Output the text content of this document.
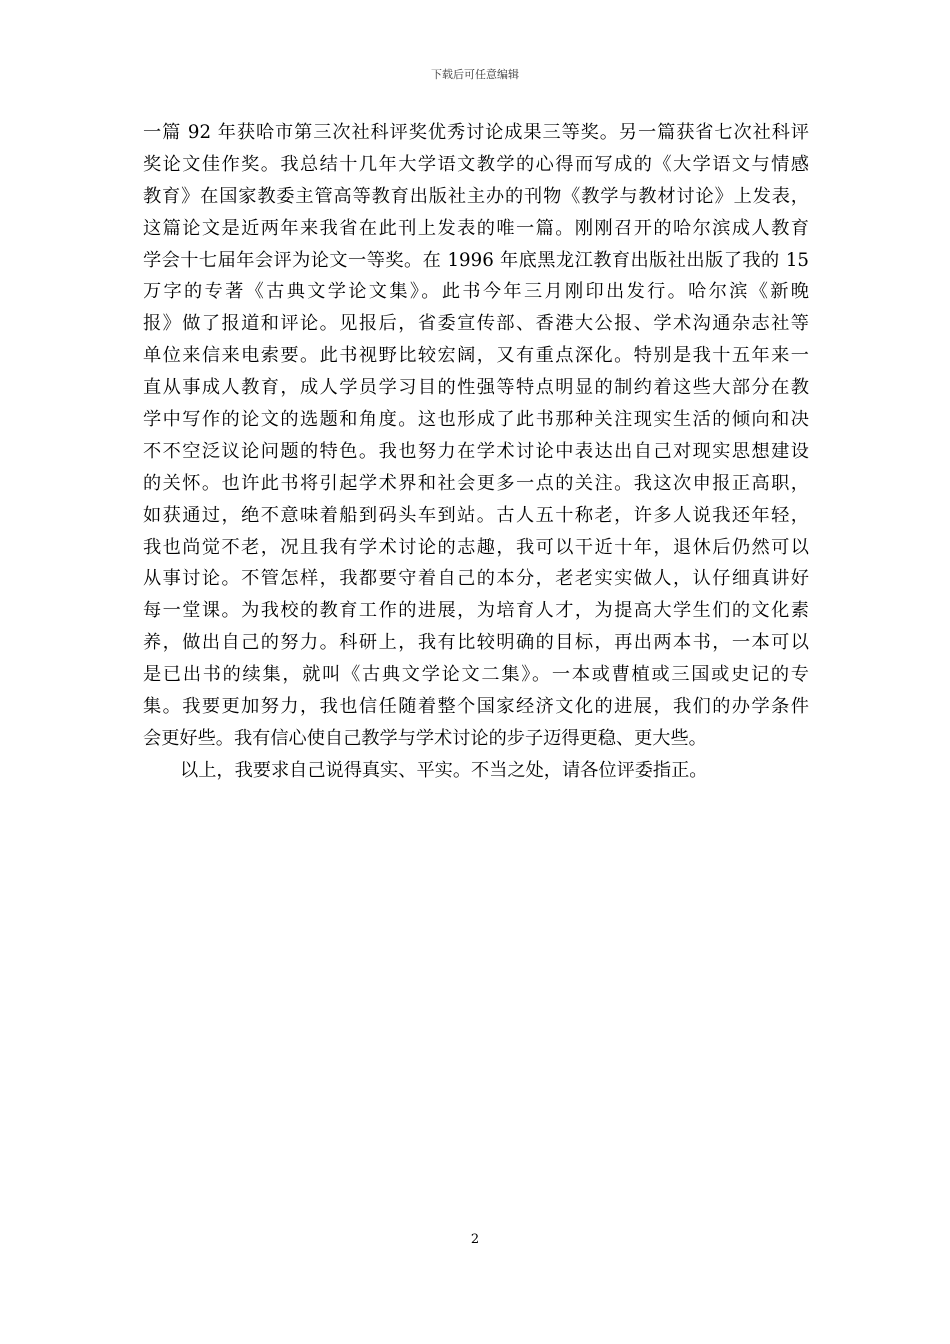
下载后可任意编辑
一篇 92 年获哈市第三次社科评奖优秀讨论成果三等奖。另一篇获省七次社科评
奖论文佳作奖。我总结十几年大学语文教学的心得而写成的《大学语文与情感
教育》在国家教委主管高等教育出版社主办的刊物《教学与教材讨论》上发表，
这篇论文是近两年来我省在此刊上发表的唯一篇。刚刚召开的哈尔滨成人教育
学会十七届年会评为论文一等奖。在 1996 年底黑龙江教育出版社出版了我的 15
万字的专著《古典文学论文集》。此书今年三月刚印出发行。哈尔滨《新晚
报》做了报道和评论。见报后，省委宣传部、香港大公报、学术沟通杂志社等
单位来信来电索要。此书视野比较宏阔，又有重点深化。特别是我十五年来一
直从事成人教育，成人学员学习目的性强等特点明显的制约着这些大部分在教
学中写作的论文的选题和角度。这也形成了此书那种关注现实生活的倾向和决
不不空泛议论问题的特色。我也努力在学术讨论中表达出自己对现实思想建设
的关怀。也许此书将引起学术界和社会更多一点的关注。我这次申报正高职，
如获通过，绝不意味着船到码头车到站。古人五十称老，许多人说我还年轻，
我也尚觉不老，况且我有学术讨论的志趣，我可以干近十年，退休后仍然可以
从事讨论。不管怎样，我都要守着自己的本分，老老实实做人，认仔细真讲好
每一堂课。为我校的教育工作的进展，为培育人才，为提高大学生们的文化素
养，做出自己的努力。科研上，我有比较明确的目标，再出两本书，一本可以
是已出书的续集，就叫《古典文学论文二集》。一本或曹植或三国或史记的专
集。我要更加努力，我也信任随着整个国家经济文化的进展，我们的办学条件
会更好些。我有信心使自己教学与学术讨论的步子迈得更稳、更大些。
以上，我要求自己说得真实、平实。不当之处，请各位评委指正。
2
